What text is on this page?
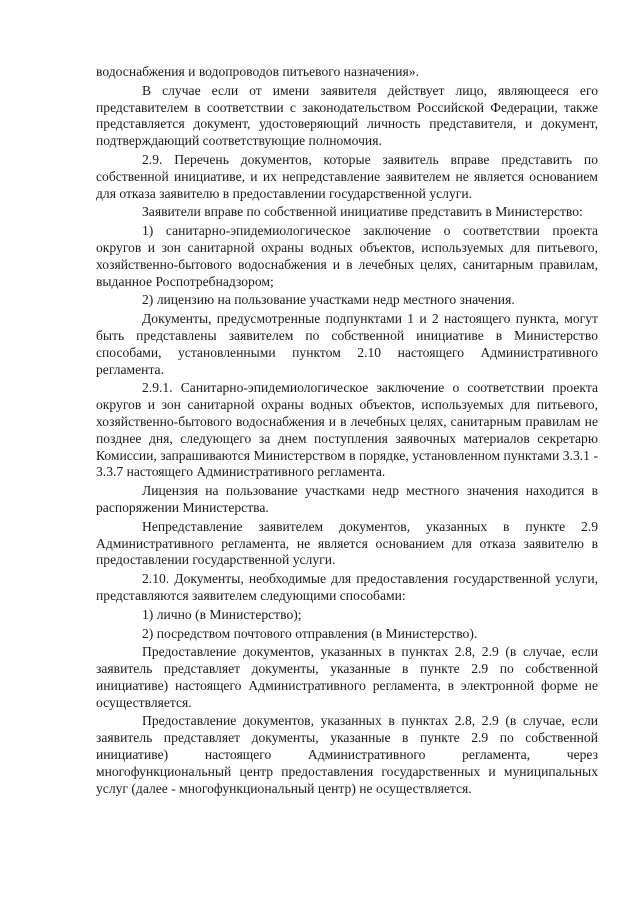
водоснабжения и водопроводов питьевого назначения».

В случае если от имени заявителя действует лицо, являющееся его представителем в соответствии с законодательством Российской Федерации, также представляется документ, удостоверяющий личность представителя, и документ, подтверждающий соответствующие полномочия.

2.9. Перечень документов, которые заявитель вправе представить по собственной инициативе, и их непредставление заявителем не является основанием для отказа заявителю в предоставлении государственной услуги.

Заявители вправе по собственной инициативе представить в Министерство:

1) санитарно-эпидемиологическое заключение о соответствии проекта округов и зон санитарной охраны водных объектов, используемых для питьевого, хозяйственно-бытового водоснабжения и в лечебных целях, санитарным правилам, выданное Роспотребнадзором;

2) лицензию на пользование участками недр местного значения.

Документы, предусмотренные подпунктами 1 и 2 настоящего пункта, могут быть представлены заявителем по собственной инициативе в Министерство способами, установленными пунктом 2.10 настоящего Административного регламента.

2.9.1. Санитарно-эпидемиологическое заключение о соответствии проекта округов и зон санитарной охраны водных объектов, используемых для питьевого, хозяйственно-бытового водоснабжения и в лечебных целях, санитарным правилам не позднее дня, следующего за днем поступления заявочных материалов секретарю Комиссии, запрашиваются Министерством в порядке, установленном пунктами 3.3.1 - 3.3.7 настоящего Административного регламента.

Лицензия на пользование участками недр местного значения находится в распоряжении Министерства.

Непредставление заявителем документов, указанных в пункте 2.9 Административного регламента, не является основанием для отказа заявителю в предоставлении государственной услуги.

2.10. Документы, необходимые для предоставления государственной услуги, представляются заявителем следующими способами:

1) лично (в Министерство);

2) посредством почтового отправления (в Министерство).

Предоставление документов, указанных в пунктах 2.8, 2.9 (в случае, если заявитель представляет документы, указанные в пункте 2.9 по собственной инициативе) настоящего Административного регламента, в электронной форме не осуществляется.

Предоставление документов, указанных в пунктах 2.8, 2.9 (в случае, если заявитель представляет документы, указанные в пункте 2.9 по собственной инициативе) настоящего Административного регламента, через многофункциональный центр предоставления государственных и муниципальных услуг (далее - многофункциональный центр) не осуществляется.
